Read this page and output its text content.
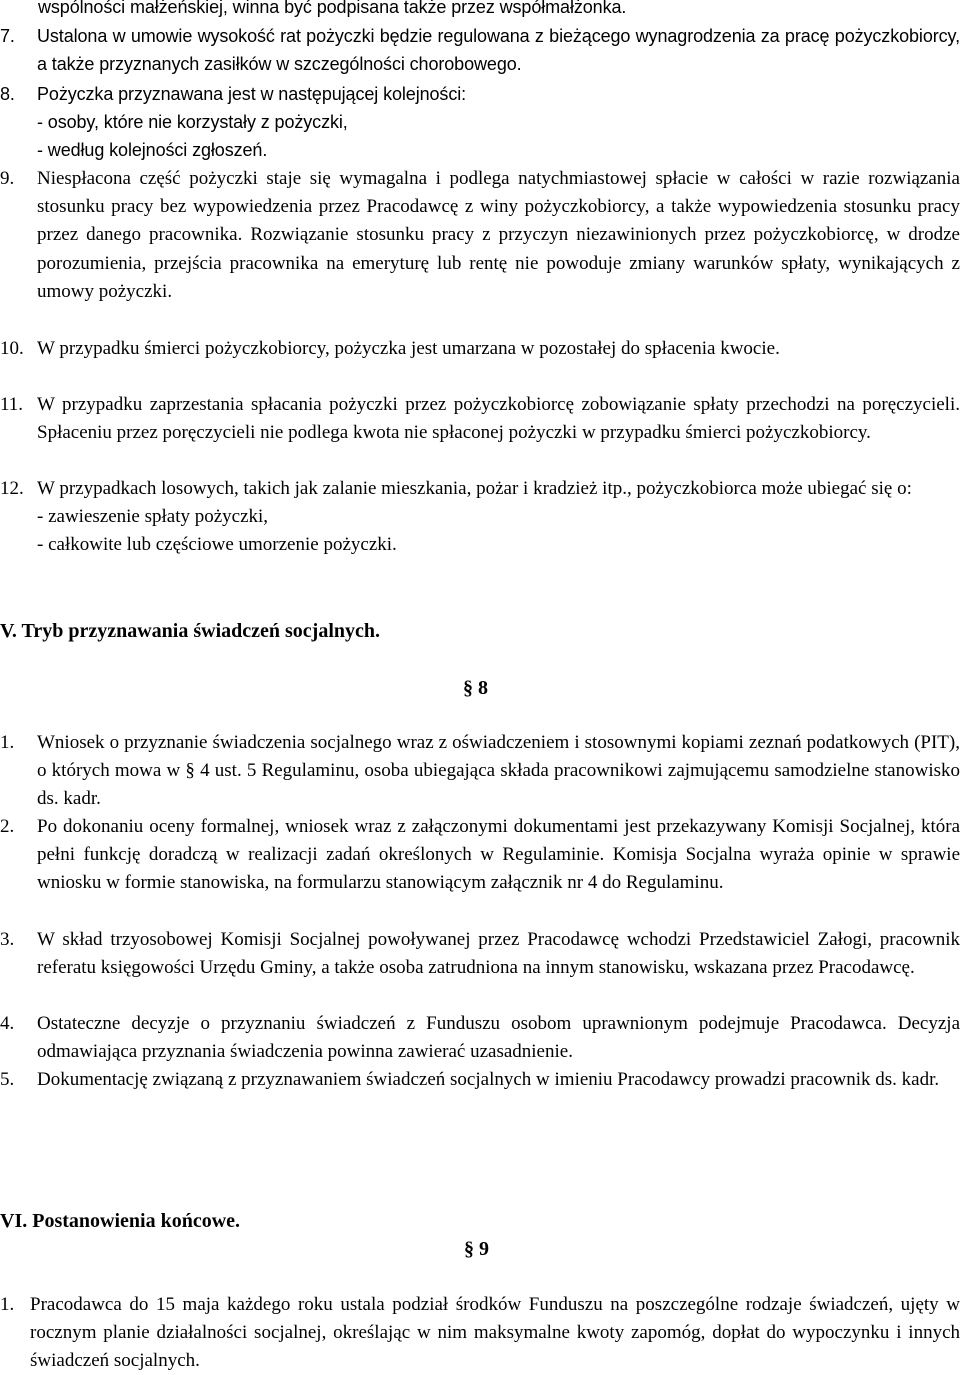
wspólności małżeńskiej, winna być podpisana także przez współmałżonka.
7.	Ustalona w umowie wysokość rat pożyczki będzie regulowana z bieżącego wynagrodzenia za pracę pożyczkobiorcy, a także przyznanych zasiłków w szczególności chorobowego.
8.	Pożyczka przyznawana jest w następującej kolejności:
- osoby, które nie korzystały z pożyczki,
- według kolejności zgłoszeń.
9.	Niespłacona część pożyczki staje się wymagalna i podlega natychmiastowej spłacie w całości w razie rozwiązania stosunku pracy bez wypowiedzenia przez Pracodawcę z winy pożyczkobiorcy, a także wypowiedzenia stosunku pracy przez danego pracownika. Rozwiązanie stosunku pracy z przyczyn niezawinionych przez pożyczkobiorcę, w drodze porozumienia, przejścia pracownika na emeryturę lub rentę nie powoduje zmiany warunków spłaty, wynikających z umowy pożyczki.
10. W przypadku śmierci pożyczkobiorcy, pożyczka jest umarzana w pozostałej do spłacenia kwocie.
11. W przypadku zaprzestania spłacania pożyczki przez pożyczkobiorcę zobowiązanie spłaty przechodzi na poręczycieli. Spłaceniu przez poręczycieli nie podlega kwota nie spłaconej pożyczki w przypadku śmierci pożyczkobiorcy.
12. W przypadkach losowych, takich jak zalanie mieszkania, pożar i kradzież itp., pożyczkobiorca może ubiegać się o:
- zawieszenie spłaty pożyczki,
- całkowite lub częściowe umorzenie pożyczki.
V. Tryb przyznawania świadczeń socjalnych.
§ 8
1.	Wniosek o przyznanie świadczenia socjalnego wraz z oświadczeniem i stosownymi kopiami zeznań podatkowych (PIT), o których mowa w § 4 ust. 5 Regulaminu, osoba ubiegająca składa pracownikowi zajmującemu samodzielne stanowisko ds. kadr.
2.	Po dokonaniu oceny formalnej, wniosek wraz z załączonymi dokumentami jest przekazywany Komisji Socjalnej, która pełni funkcję doradczą w realizacji zadań określonych w Regulaminie. Komisja Socjalna wyraża opinie w sprawie wniosku w formie stanowiska, na formularzu stanowiącym załącznik nr 4 do Regulaminu.
3.	W skład trzyosobowej Komisji Socjalnej powoływanej przez Pracodawcę wchodzi Przedstawiciel Załogi, pracownik referatu księgowości Urzędu Gminy, a także osoba zatrudniona na innym stanowisku, wskazana przez Pracodawcę.
4.	Ostateczne decyzje o przyznaniu świadczeń z Funduszu osobom uprawnionym podejmuje Pracodawca. Decyzja odmawiająca przyznania świadczenia powinna zawierać uzasadnienie.
5.	Dokumentację związaną z przyznawaniem świadczeń socjalnych w imieniu Pracodawcy prowadzi pracownik ds. kadr.
VI. Postanowienia końcowe.
§ 9
1. Pracodawca do 15 maja każdego roku ustala podział środków Funduszu na poszczególne rodzaje świadczeń, ujęty w rocznym planie działalności socjalnej, określając w nim maksymalne kwoty zapomóg, dopłat do wypoczynku i innych świadczeń socjalnych.
